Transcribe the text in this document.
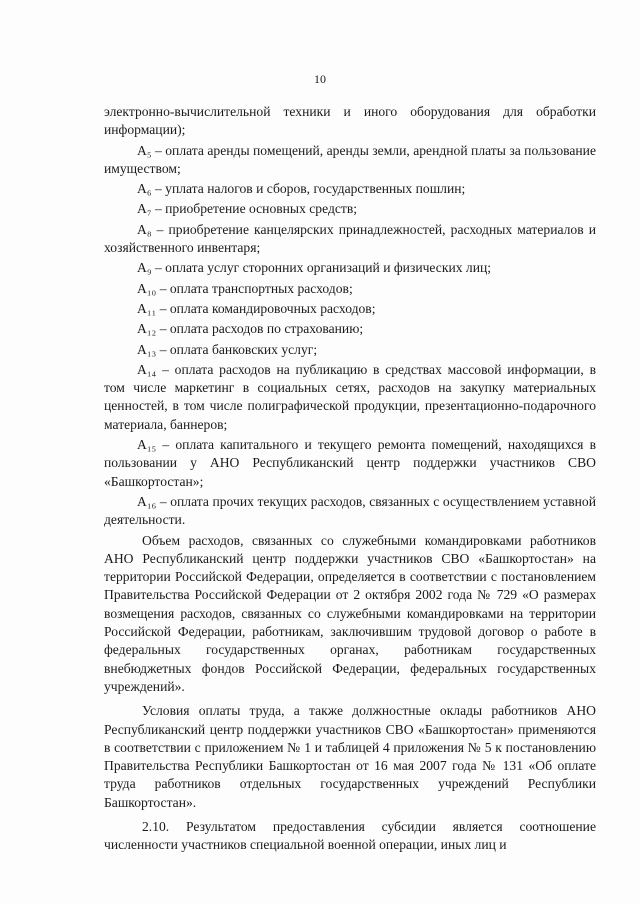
10

электронно-вычислительной техники и иного оборудования для обработки информации);

А₅ – оплата аренды помещений, аренды земли, арендной платы за пользование имуществом;

А₆ – уплата налогов и сборов, государственных пошлин;

А₇ – приобретение основных средств;

А₈ – приобретение канцелярских принадлежностей, расходных материалов и хозяйственного инвентаря;

А₉ – оплата услуг сторонних организаций и физических лиц;

А₁₀ – оплата транспортных расходов;

А₁₁ – оплата командировочных расходов;

А₁₂ – оплата расходов по страхованию;

А₁₃ – оплата банковских услуг;

А₁₄ – оплата расходов на публикацию в средствах массовой информации, в том числе маркетинг в социальных сетях, расходов на закупку материальных ценностей, в том числе полиграфической продукции, презентационно-подарочного материала, баннеров;

А₁₅ – оплата капитального и текущего ремонта помещений, находящихся в пользовании у АНО Республиканский центр поддержки участников СВО «Башкортостан»;

А₁₆ – оплата прочих текущих расходов, связанных с осуществлением уставной деятельности.

Объем расходов, связанных со служебными командировками работников АНО Республиканский центр поддержки участников СВО «Башкортостан» на территории Российской Федерации, определяется в соответствии с постановлением Правительства Российской Федерации от 2 октября 2002 года № 729 «О размерах возмещения расходов, связанных со служебными командировками на территории Российской Федерации, работникам, заключившим трудовой договор о работе в федеральных государственных органах, работникам государственных внебюджетных фондов Российской Федерации, федеральных государственных учреждений».

Условия оплаты труда, а также должностные оклады работников АНО Республиканский центр поддержки участников СВО «Башкортостан» применяются в соответствии с приложением № 1 и таблицей 4 приложения № 5 к постановлению Правительства Республики Башкортостан от 16 мая 2007 года № 131 «Об оплате труда работников отдельных государственных учреждений Республики Башкортостан».

2.10. Результатом предоставления субсидии является соотношение численности участников специальной военной операции, иных лиц и
